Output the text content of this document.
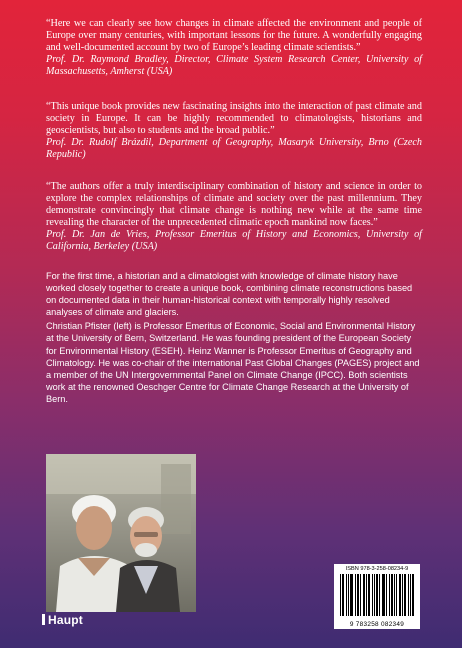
“Here we can clearly see how changes in climate affected the environment and people of Europe over many centuries, with important lessons for the future. A wonderfully engaging and well-documented account by two of Europe’s leading climate scientists.”
Prof. Dr. Raymond Bradley, Director, Climate System Research Center, University of Massachusetts, Amherst (USA)
“This unique book provides new fascinating insights into the interaction of past climate and society in Europe. It can be highly recommended to climatologists, historians and geoscientists, but also to students and the broad public.”
Prof. Dr. Rudolf Brázdil, Department of Geography, Masaryk University, Brno (Czech Republic)
“The authors offer a truly interdisciplinary combination of history and science in order to explore the complex relationships of climate and society over the past millennium. They demonstrate convincingly that climate change is nothing new while at the same time revealing the character of the unprecedented climatic epoch mankind now faces.”
Prof. Dr. Jan de Vries, Professor Emeritus of History and Economics, University of California, Berkeley (USA)

For the first time, a historian and a climatologist with knowledge of climate history have worked closely together to create a unique book, combining climate reconstructions based on documented data in their human-historical context with temporally highly resolved analyses of climate and glaciers.

Christian Pfister (left) is Professor Emeritus of Economic, Social and Environmental History at the University of Bern, Switzerland. He was founding president of the European Society for Environmental History (ESEH). Heinz Wanner is Professor Emeritus of Geography and Climatology. He was co-chair of the international Past Global Changes (PAGES) project and a member of the UN Intergovernmental Panel on Climate Change (IPCC). Both scientists work at the renowned Oeschger Centre for Climate Change Research at the University of Bern.

Haupt
ISBN 978-3-258-08234-9
9 783258 082349
